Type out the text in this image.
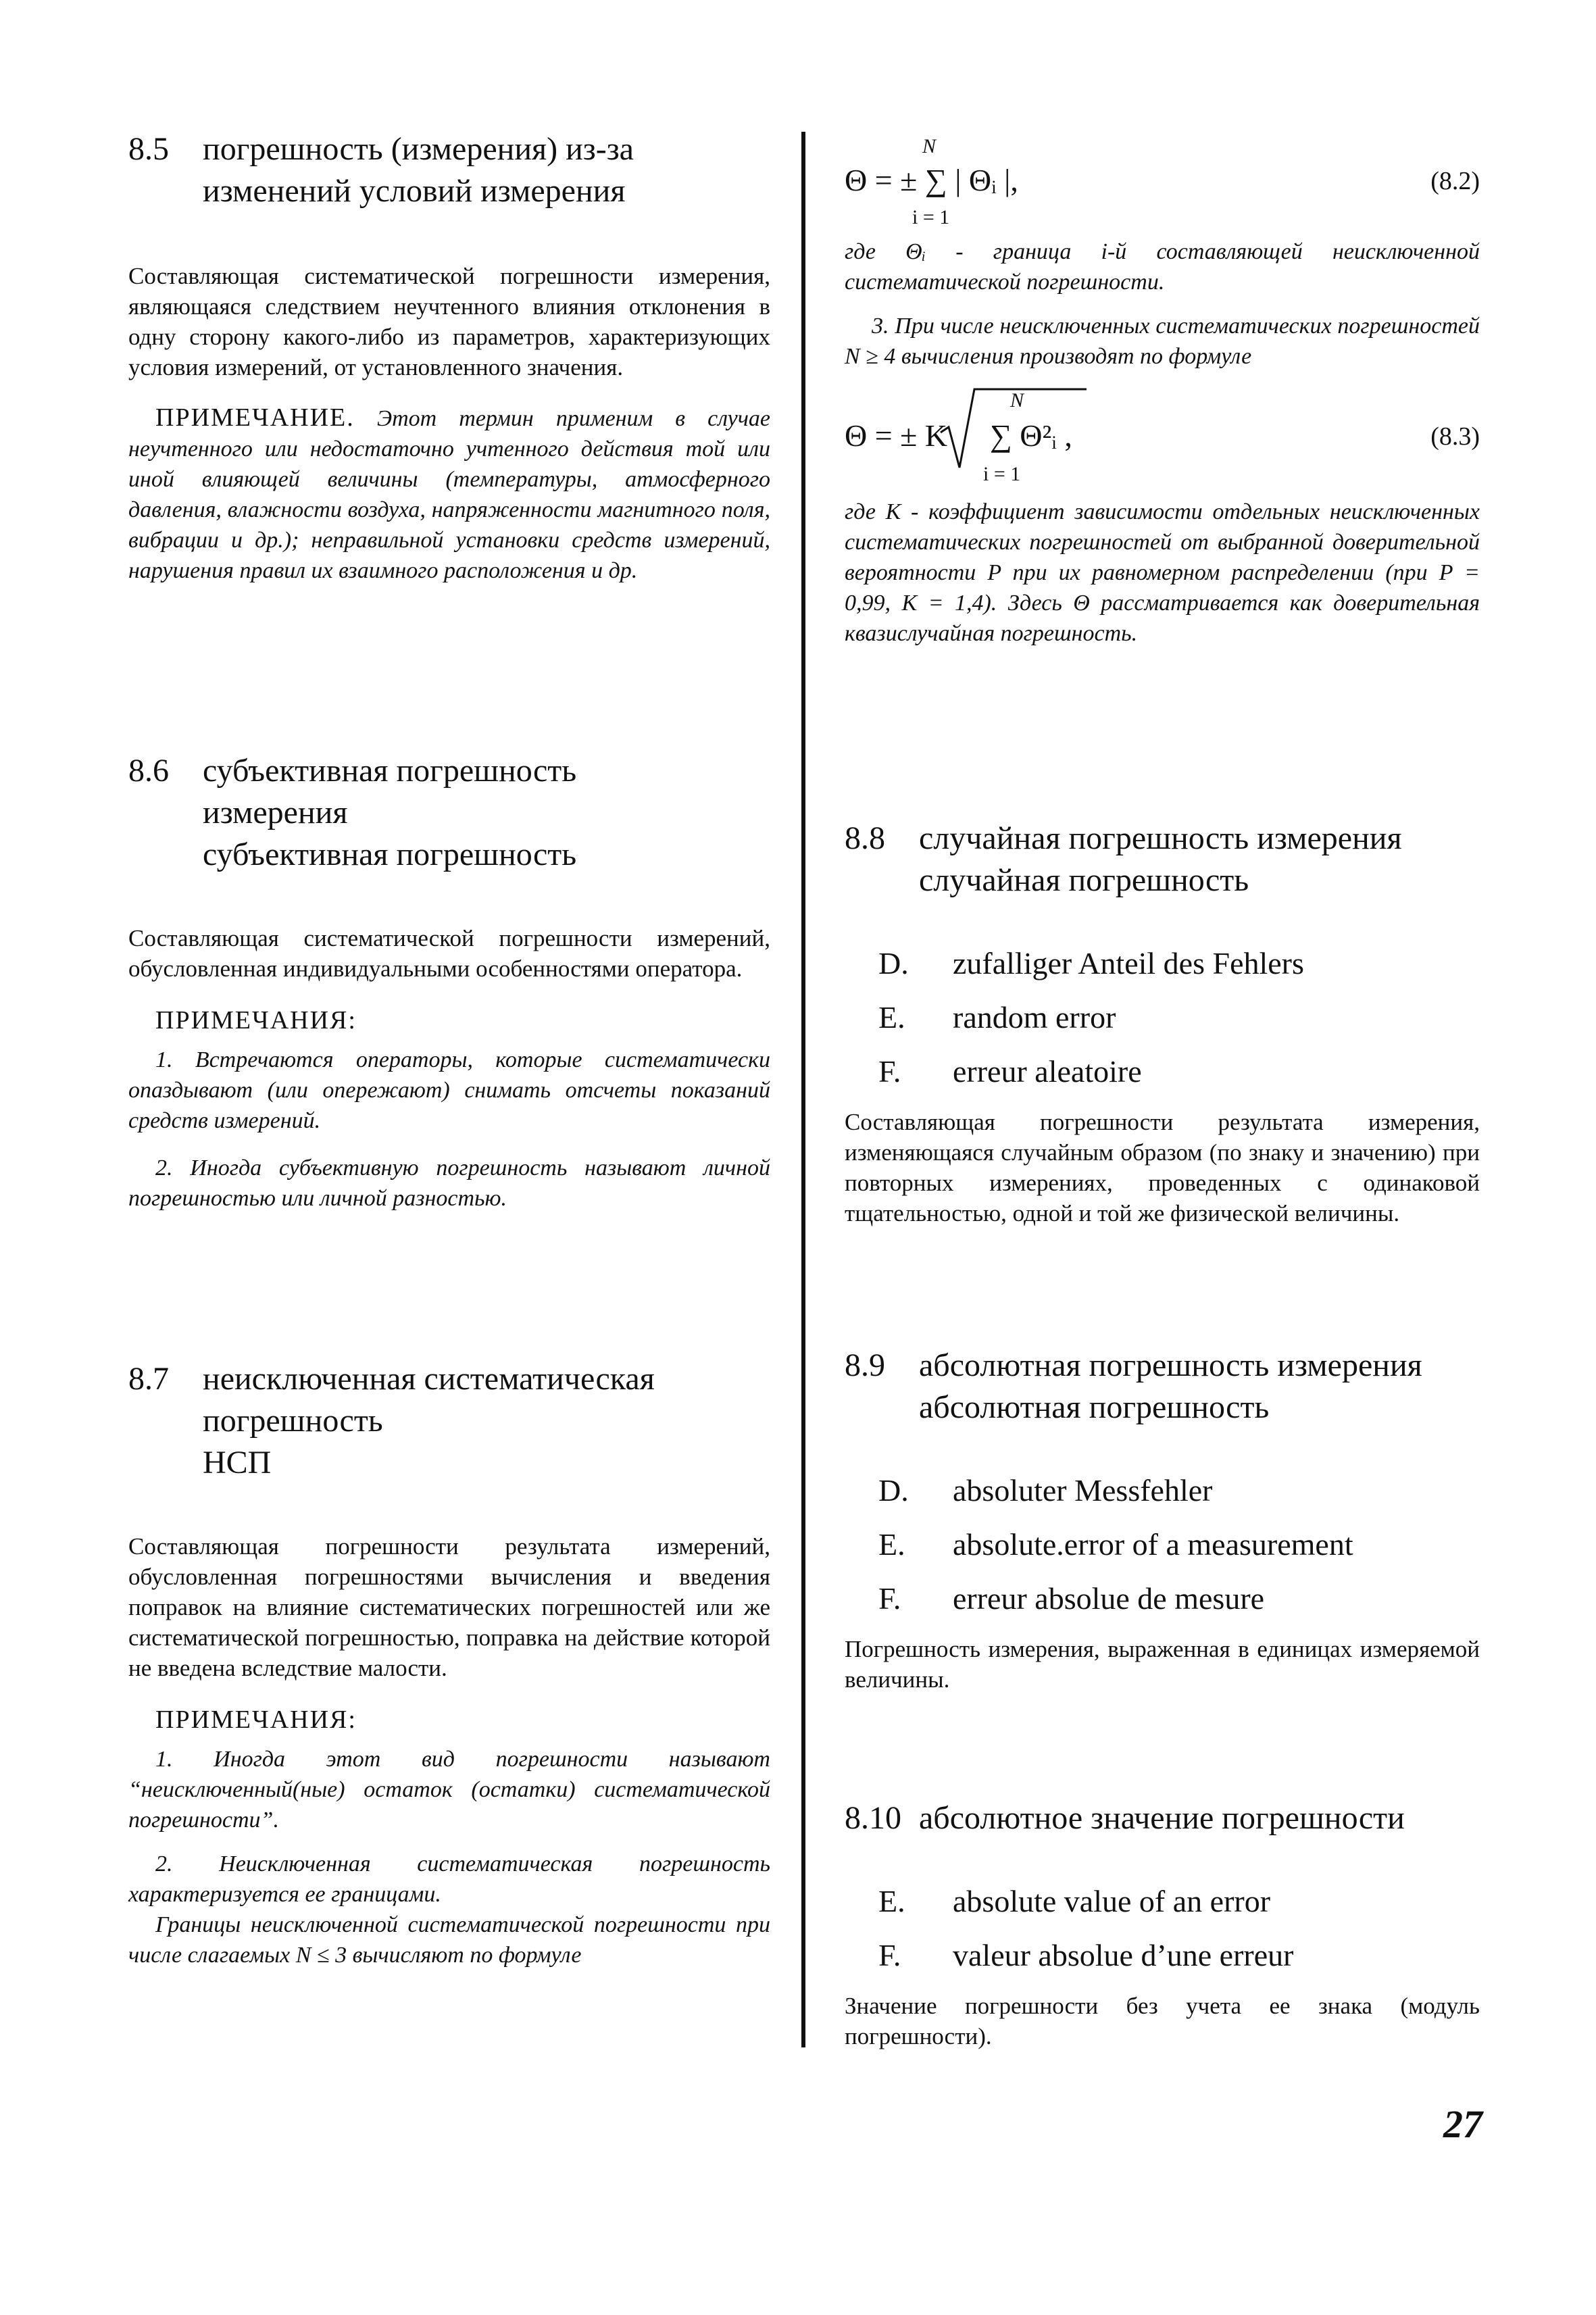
8.5	погрешность (измерения) из-за
изменений условий измерения

Составляющая систематической погрешности измерения, являющаяся следствием неучтенного влияния отклонения в одну сторону какого-либо из параметров, характеризующих условия измерений, от установленного значения.

ПРИМЕЧАНИЕ. Этот термин применим в случае неучтенного или недостаточно учтенного действия той или иной влияющей величины (температуры, атмосферного давления, влажности воздуха, напряженности магнитного поля, вибрации и др.); неправильной установки средств измерений, нарушения правил их взаимного расположения и др.

8.6	субъективная погрешность
измерения
субъективная погрешность

Составляющая систематической погрешности измерений, обусловленная индивидуальными особенностями оператора.

ПРИМЕЧАНИЯ:

1. Встречаются операторы, которые систематически опаздывают (или опережают) снимать отсчеты показаний средств измерений.

2. Иногда субъективную погрешность называют личной погрешностью или личной разностью.

8.7	неисключенная систематическая
погрешность
НСП

Составляющая погрешности результата измерений, обусловленная погрешностями вычисления и введения поправок на влияние систематических погрешностей или же систематической погрешностью, поправка на действие которой не введена вследствие малости.

ПРИМЕЧАНИЯ:

1. Иногда этот вид погрешности называют “неисключенный(ные) остаток (остатки) систематической погрешности”.

2. Неисключенная систематическая погрешность характеризуется ее границами.

Границы неисключенной систематической погрешности при числе слагаемых N ≤ 3 вычисляют по формуле

N
Θ = ± ∑ | Θᵢ |,
i = 1
(8.2)

где Θᵢ - граница i-й составляющей неисключенной систематической погрешности.

3. При числе неисключенных систематических погрешностей N ≥ 4 вычисления производят по формуле

Θ = ± K
N
∑ Θ²ᵢ ,
i = 1
(8.3)

где K - коэффициент зависимости отдельных неисключенных систематических погрешностей от выбранной доверительной вероятности P при их равномерном распределении (при P = 0,99, K = 1,4). Здесь Θ рассматривается как доверительная квазислучайная погрешность.

8.8	случайная погрешность измерения
случайная погрешность
D.	zufalliger Anteil des Fehlers
E.	random error
F.	erreur aleatoire

Составляющая погрешности результата измерения, изменяющаяся случайным образом (по знаку и значению) при повторных измерениях, проведенных с одинаковой тщательностью, одной и той же физической величины.

8.9	абсолютная погрешность измерения
абсолютная погрешность
D.	absoluter Messfehler
E.	absolute.error of a measurement
F.	erreur absolue de mesure

Погрешность измерения, выраженная в единицах измеряемой величины.

8.10 абсолютное значение погрешности
E.	absolute value of an error
F.	valeur absolue d’une erreur

Значение погрешности без учета ее знака (модуль погрешности).

27
